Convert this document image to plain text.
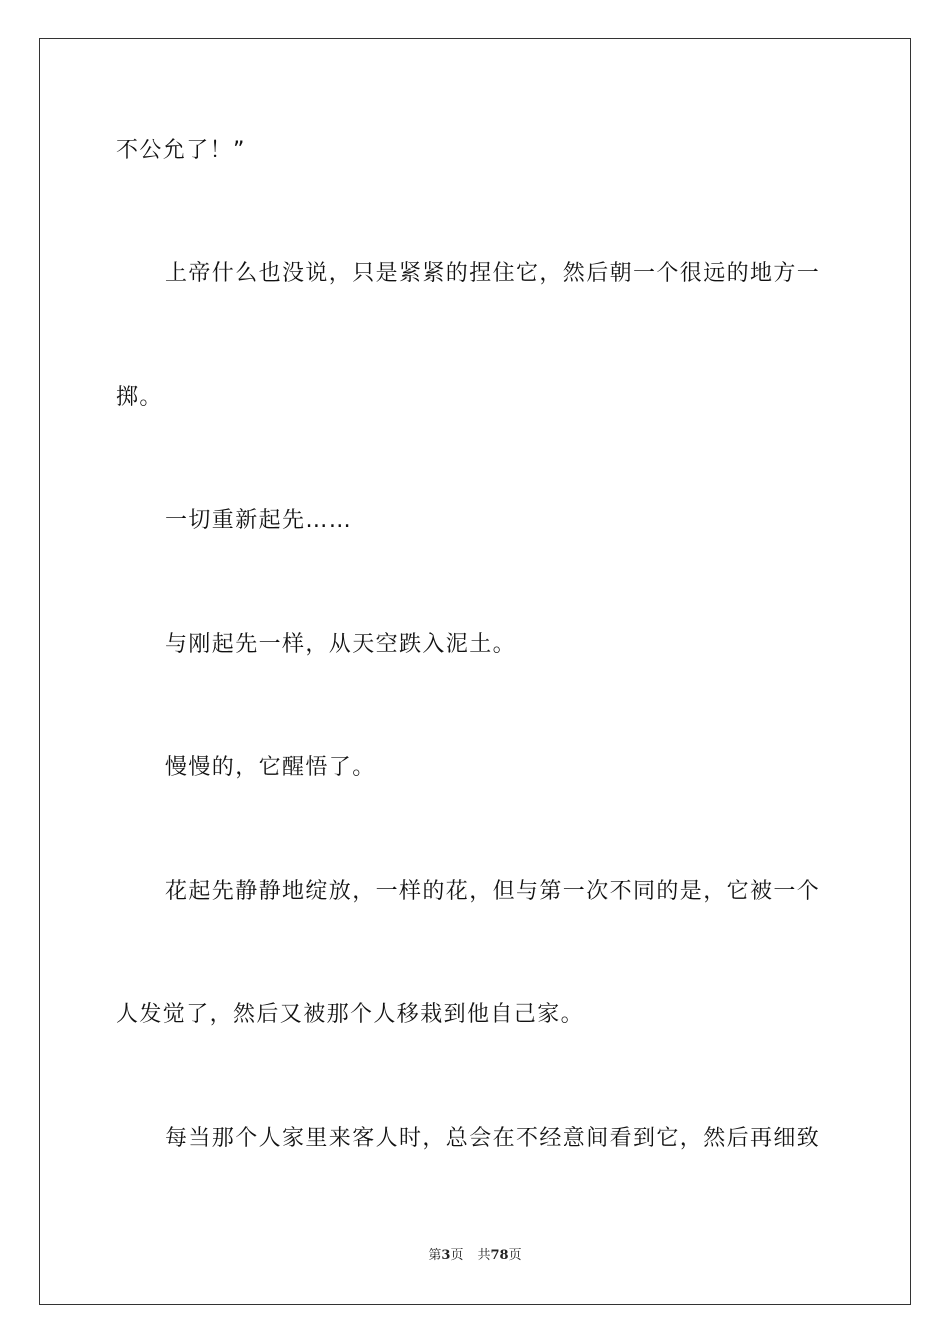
不公允了！”
上帝什么也没说，只是紧紧的捏住它，然后朝一个很远的地方一
掷。
一切重新起先……
与刚起先一样，从天空跌入泥土。
慢慢的，它醒悟了。
花起先静静地绽放，一样的花，但与第一次不同的是，它被一个
人发觉了，然后又被那个人移栽到他自己家。
每当那个人家里来客人时，总会在不经意间看到它，然后再细致
第3页 共78页
